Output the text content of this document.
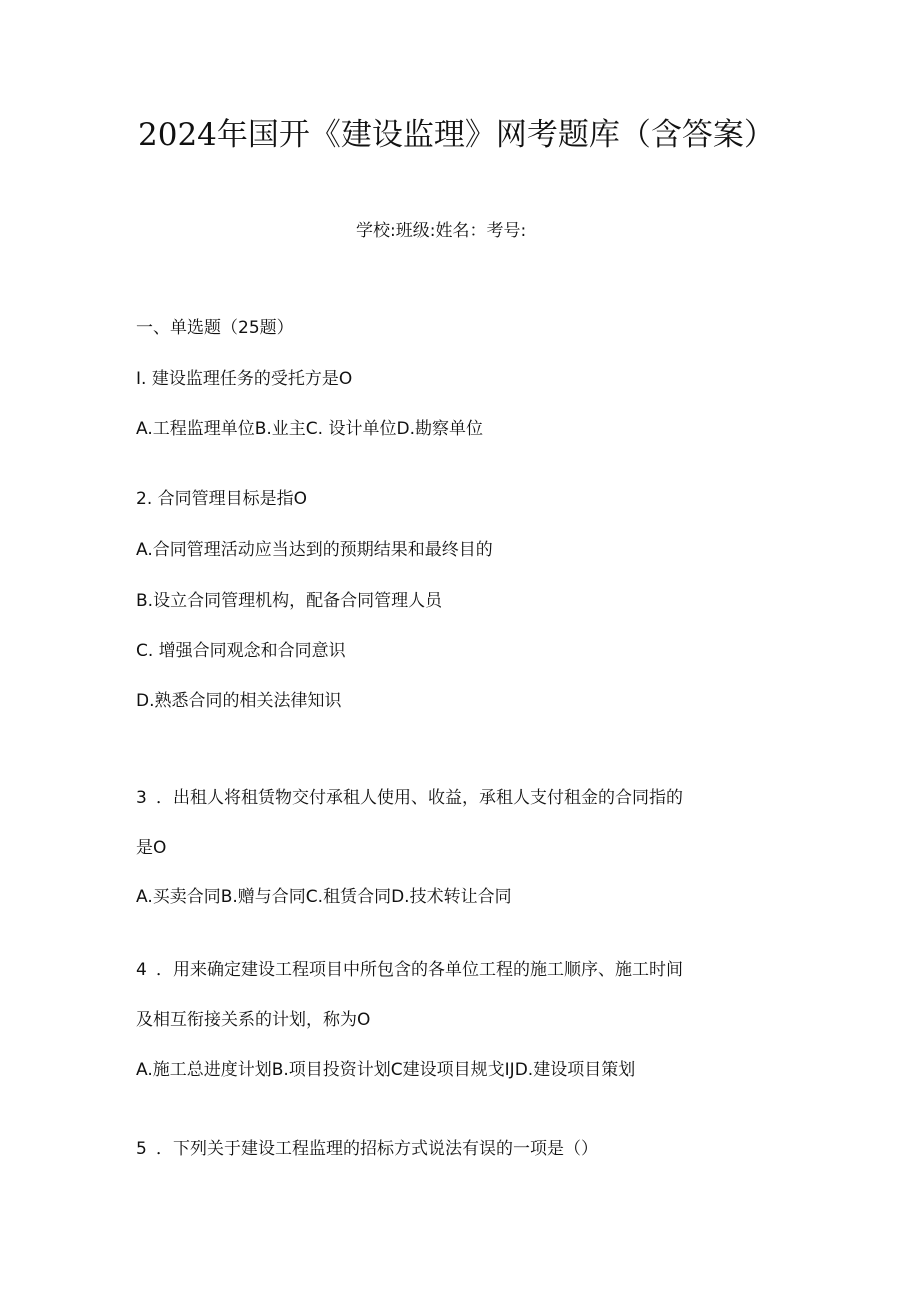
2024年国开《建设监理》网考题库（含答案）
学校:班级:姓名：考号:
一、单选题（25题）
I. 建设监理任务的受托方是O
A.工程监理单位B.业主C. 设计单位D.勘察单位
2. 合同管理目标是指O
A.合同管理活动应当达到的预期结果和最终目的
B.设立合同管理机构，配备合同管理人员
C. 增强合同观念和合同意识
D.熟悉合同的相关法律知识
3 ．出租人将租赁物交付承租人使用、收益，承租人支付租金的合同指的
是O
A.买卖合同B.赠与合同C.租赁合同D.技术转让合同
4 ．用来确定建设工程项目中所包含的各单位工程的施工顺序、施工时间
及相互衔接关系的计划，称为O
A.施工总进度计划B.项目投资计划C建设项目规戈IJD.建设项目策划
5 ．下列关于建设工程监理的招标方式说法有误的一项是（）
